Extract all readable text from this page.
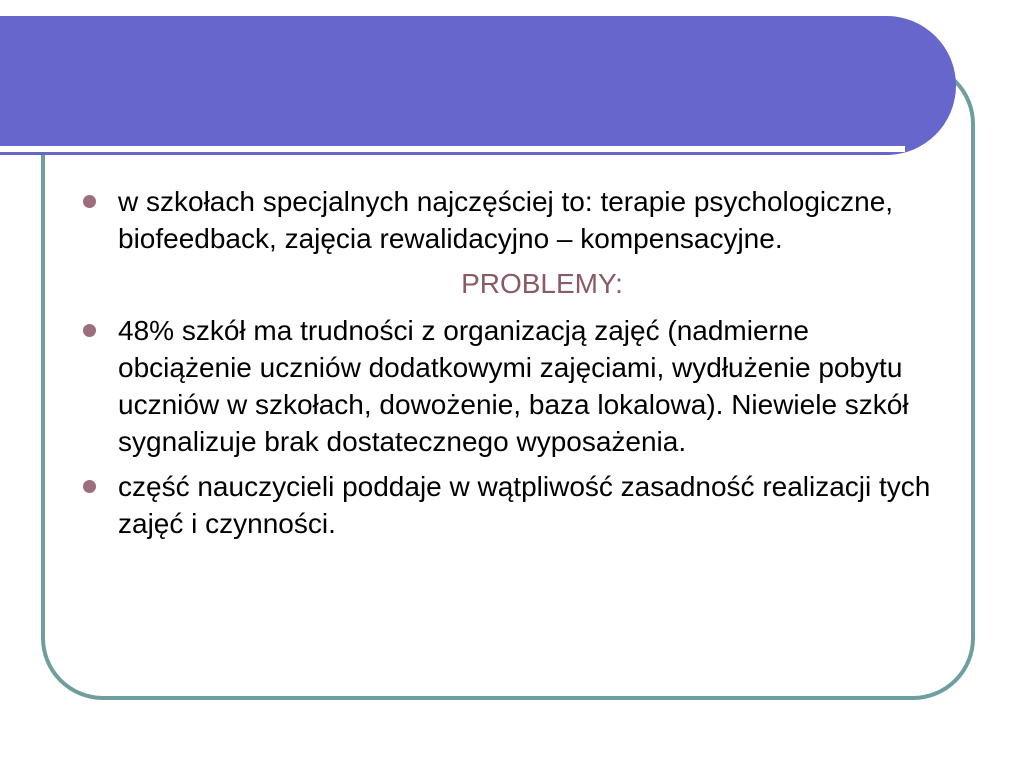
w szkołach specjalnych najczęściej to: terapie psychologiczne, biofeedback, zajęcia rewalidacyjno – kompensacyjne.
PROBLEMY:
48% szkół ma trudności z organizacją zajęć (nadmierne obciążenie uczniów dodatkowymi zajęciami, wydłużenie pobytu uczniów w szkołach, dowożenie, baza lokalowa). Niewiele szkół sygnalizuje brak dostatecznego wyposażenia.
część nauczycieli poddaje w wątpliwość zasadność realizacji tych zajęć i czynności.
